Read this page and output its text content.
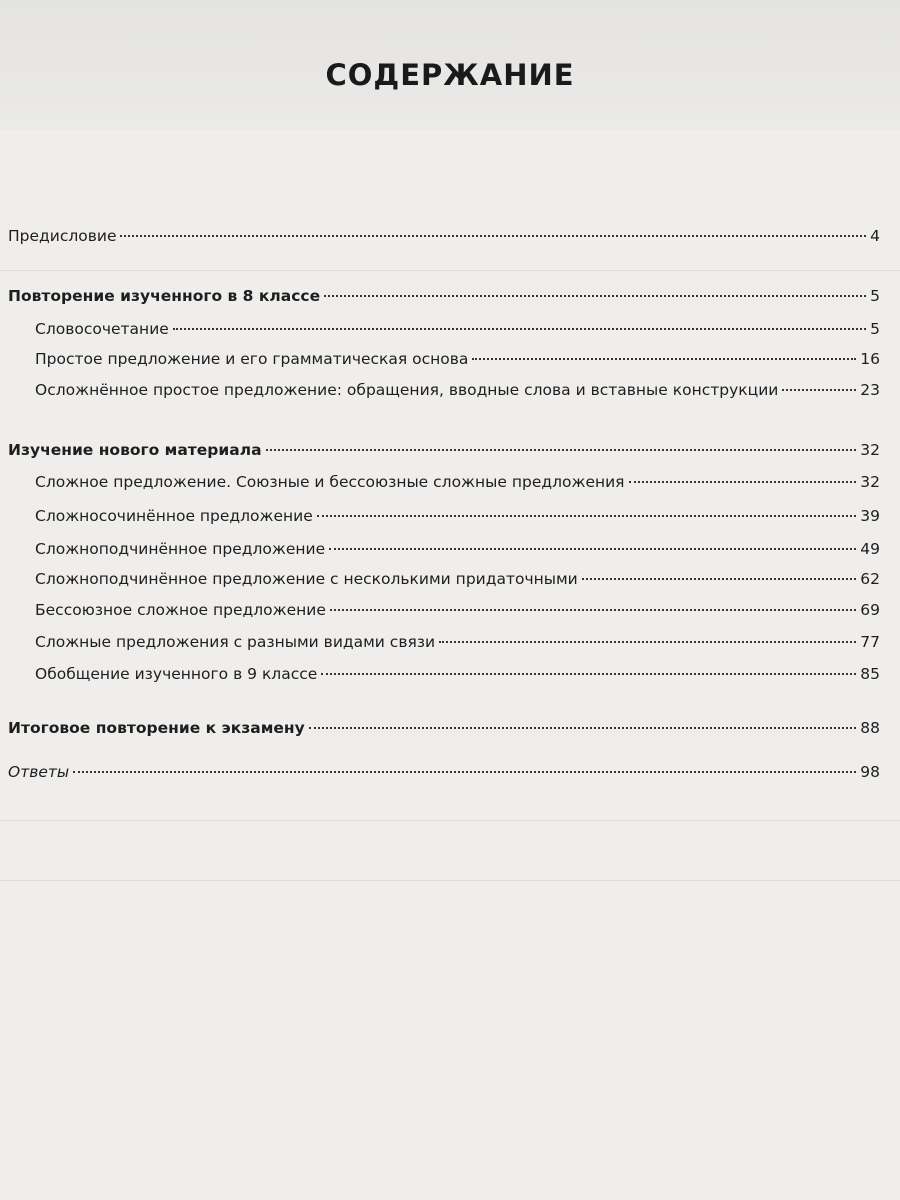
СОДЕРЖАНИЕ
Предисловие	4
Повторение изученного в 8 классе	5
Словосочетание	5
Простое предложение и его грамматическая основа	16
Осложнённое простое предложение: обращения, вводные слова и вставные конструкции	23
Изучение нового материала	32
Сложное предложение. Союзные и бессоюзные сложные предложения	32
Сложносочинённое предложение	39
Сложноподчинённое предложение	49
Сложноподчинённое предложение с несколькими придаточными	62
Бессоюзное сложное предложение	69
Сложные предложения с разными видами связи	77
Обобщение изученного в 9 классе	85
Итоговое повторение к экзамену	88
Ответы	98
